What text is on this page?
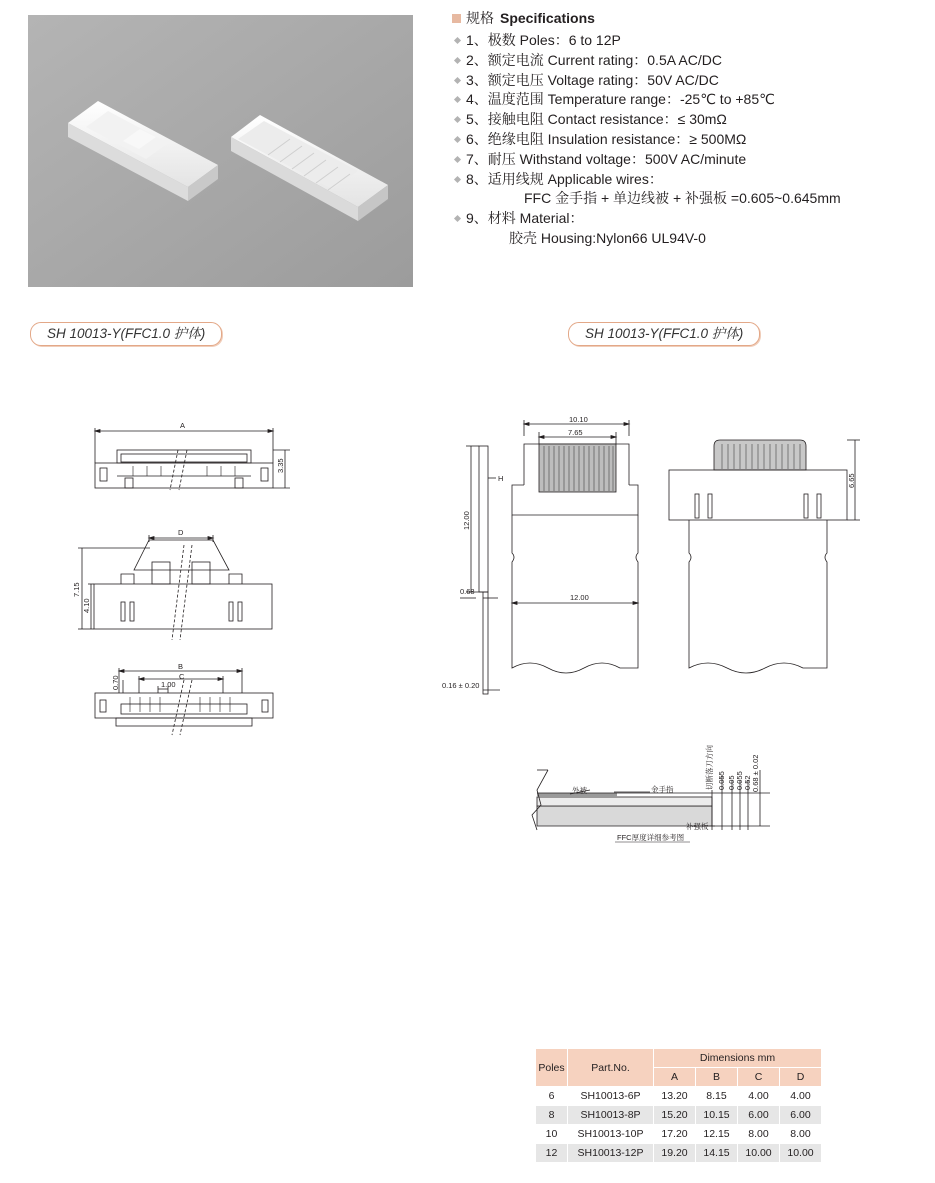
规格 Specifications
1、极数 Poles：6 to 12P
2、额定电流 Current rating：0.5A AC/DC
3、额定电压 Voltage rating：50V AC/DC
4、温度范围 Temperature range：-25℃ to +85℃
5、接触电阻 Contact resistance：≤ 30mΩ
6、绝缘电阻 Insulation resistance：≥ 500MΩ
7、耐压 Withstand voltage：500V AC/minute
8、适用线规 Applicable wires：
FFC 金手指 + 单边线被 + 补强板 =0.605~0.645mm
9、材料 Material：
胶壳 Housing:Nylon66 UL94V-0
SH 10013-Y(FFC1.0 护体)	SH 10013-Y(FFC1.0 护体)
A
3.35
D
7.15
4.10
B
C
1.00
0.70
H
12.00
0.68
0.16 ± 0.20
10.10
7.65
12.00
6.65
外被	金手指
补强板
切断落刀方向 0.055 0.05 0.055 0.52 0.68 ± 0.02
FFC厚度详细参考图
Poles	Part.No.	Dimensions mm			
		A	B	C	D
6	SH10013-6P	13.20	8.15	4.00	4.00
8	SH10013-8P	15.20	10.15	6.00	6.00
10	SH10013-10P	17.20	12.15	8.00	8.00
12	SH10013-12P	19.20	14.15	10.00	10.00
